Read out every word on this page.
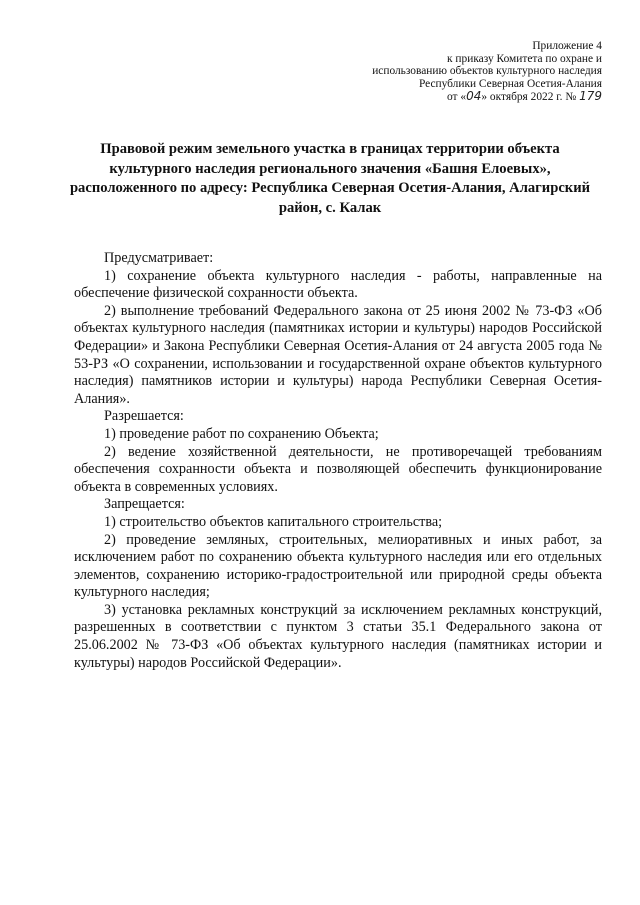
Приложение 4
к приказу Комитета по охране и
использованию объектов культурного наследия
Республики Северная Осетия-Алания
от «04» октября 2022 г. № 179
Правовой режим земельного участка в границах территории объекта культурного наследия регионального значения «Башня Елоевых», расположенного по адресу: Республика Северная Осетия-Алания, Алагирский район, с. Калак

Предусматривает:

1) сохранение объекта культурного наследия - работы, направленные на обеспечение физической сохранности объекта.

2) выполнение требований Федерального закона от 25 июня 2002 № 73-ФЗ «Об объектах культурного наследия (памятниках истории и культуры) народов Российской Федерации» и Закона Республики Северная Осетия-Алания от 24 августа 2005 года № 53-РЗ «О сохранении, использовании и государственной охране объектов культурного наследия) памятников истории и культуры) народа Республики Северная Осетия-Алания».

Разрешается:

1) проведение работ по сохранению Объекта;

2) ведение хозяйственной деятельности, не противоречащей требованиям обеспечения сохранности объекта и позволяющей обеспечить функционирование объекта в современных условиях.

Запрещается:

1) строительство объектов капитального строительства;

2) проведение земляных, строительных, мелиоративных и иных работ, за исключением работ по сохранению объекта культурного наследия или его отдельных элементов, сохранению историко-градостроительной или природной среды объекта культурного наследия;

3) установка рекламных конструкций за исключением рекламных конструкций, разрешенных в соответствии с пунктом 3 статьи 35.1 Федерального закона от 25.06.2002 № 73-ФЗ «Об объектах культурного наследия (памятниках истории и культуры) народов Российской Федерации».
